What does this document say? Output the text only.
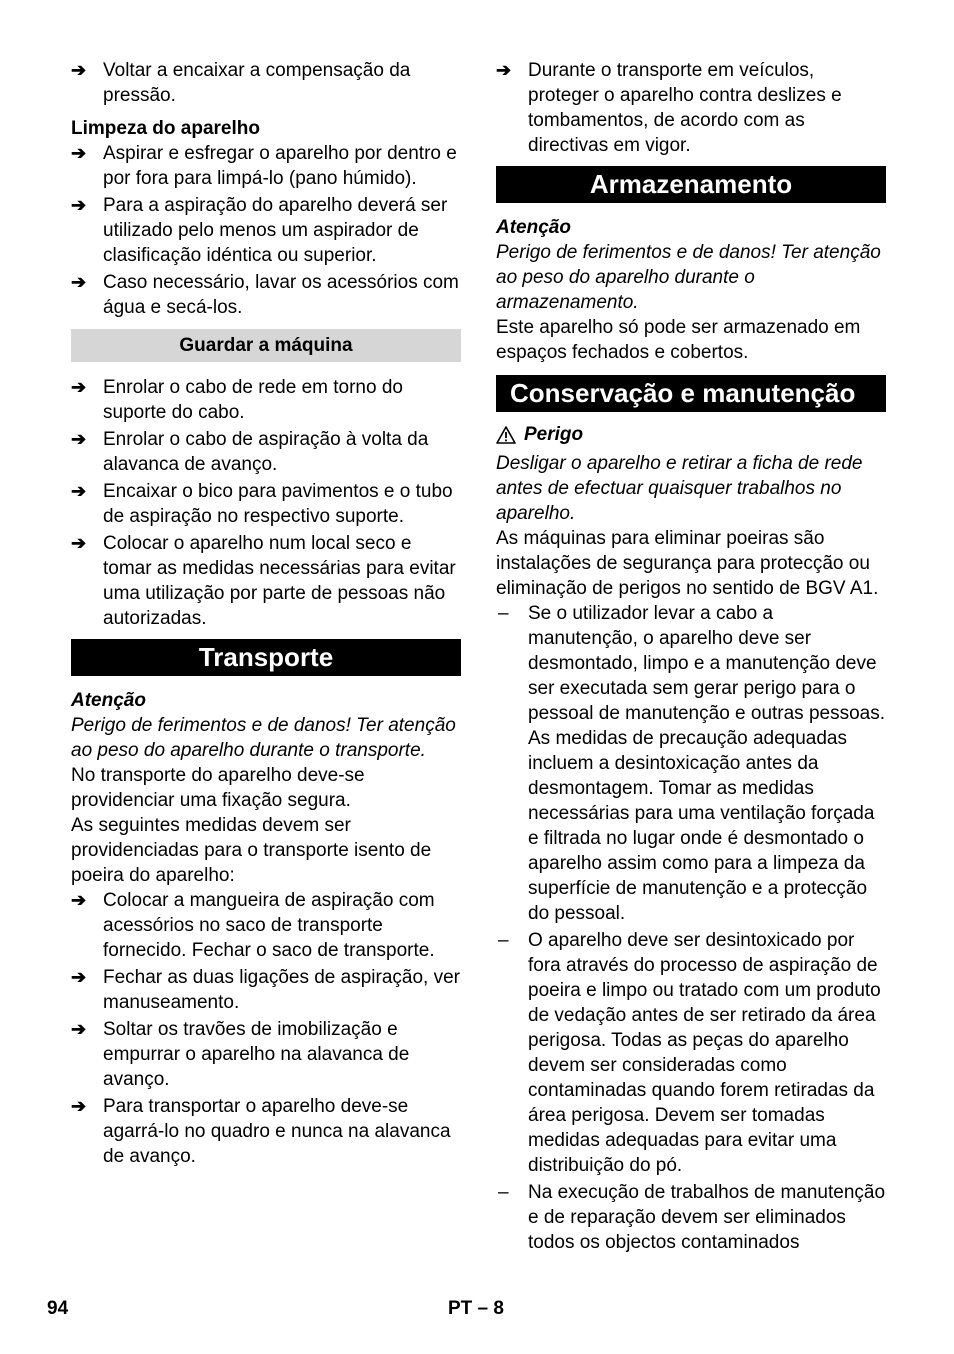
➔ Voltar a encaixar a compensação da pressão.

Limpeza do aparelho

➔ Aspirar e esfregar o aparelho por dentro e por fora para limpá-lo (pano húmido).
➔ Para a aspiração do aparelho deverá ser utilizado pelo menos um aspirador de clasificação idéntica ou superior.
➔ Caso necessário, lavar os acessórios com água e secá-los.
Guardar a máquina
➔ Enrolar o cabo de rede em torno do suporte do cabo.
➔ Enrolar o cabo de aspiração à volta da alavanca de avanço.
➔ Encaixar o bico para pavimentos e o tubo de aspiração no respectivo suporte.
➔ Colocar o aparelho num local seco e tomar as medidas necessárias para evitar uma utilização por parte de pessoas não autorizadas.
Transporte

Atenção

Perigo de ferimentos e de danos! Ter atenção ao peso do aparelho durante o transporte.

No transporte do aparelho deve-se providenciar uma fixação segura.

As seguintes medidas devem ser providenciadas para o transporte isento de poeira do aparelho:

➔ Colocar a mangueira de aspiração com acessórios no saco de transporte fornecido. Fechar o saco de transporte.
➔ Fechar as duas ligações de aspiração, ver manuseamento.
➔ Soltar os travões de imobilização e empurrar o aparelho na alavanca de avanço.
➔ Para transportar o aparelho deve-se agarrá-lo no quadro e nunca na alavanca de avanço.
➔ Durante o transporte em veículos, proteger o aparelho contra deslizes e tombamentos, de acordo com as directivas em vigor.
Armazenamento

Atenção

Perigo de ferimentos e de danos! Ter atenção ao peso do aparelho durante o armazenamento.

Este aparelho só pode ser armazenado em espaços fechados e cobertos.

Conservação e manutenção
Perigo

Desligar o aparelho e retirar a ficha de rede antes de efectuar quaisquer trabalhos no aparelho.

As máquinas para eliminar poeiras são instalações de segurança para protecção ou eliminação de perigos no sentido de BGV A1.

–	Se o utilizador levar a cabo a manutenção, o aparelho deve ser desmontado, limpo e a manutenção deve ser executada sem gerar perigo para o pessoal de manutenção e outras pessoas. As medidas de precaução adequadas incluem a desintoxicação antes da desmontagem. Tomar as medidas necessárias para uma ventilação forçada e filtrada no lugar onde é desmontado o aparelho assim como para a limpeza da superfície de manutenção e a protecção do pessoal.
–	O aparelho deve ser desintoxicado por fora através do processo de aspiração de poeira e limpo ou tratado com um produto de vedação antes de ser retirado da área perigosa. Todas as peças do aparelho devem ser consideradas como contaminadas quando forem retiradas da área perigosa. Devem ser tomadas medidas adequadas para evitar uma distribuição do pó.
–	Na execução de trabalhos de manutenção e de reparação devem ser eliminados todos os objectos contaminados
94	PT – 8
